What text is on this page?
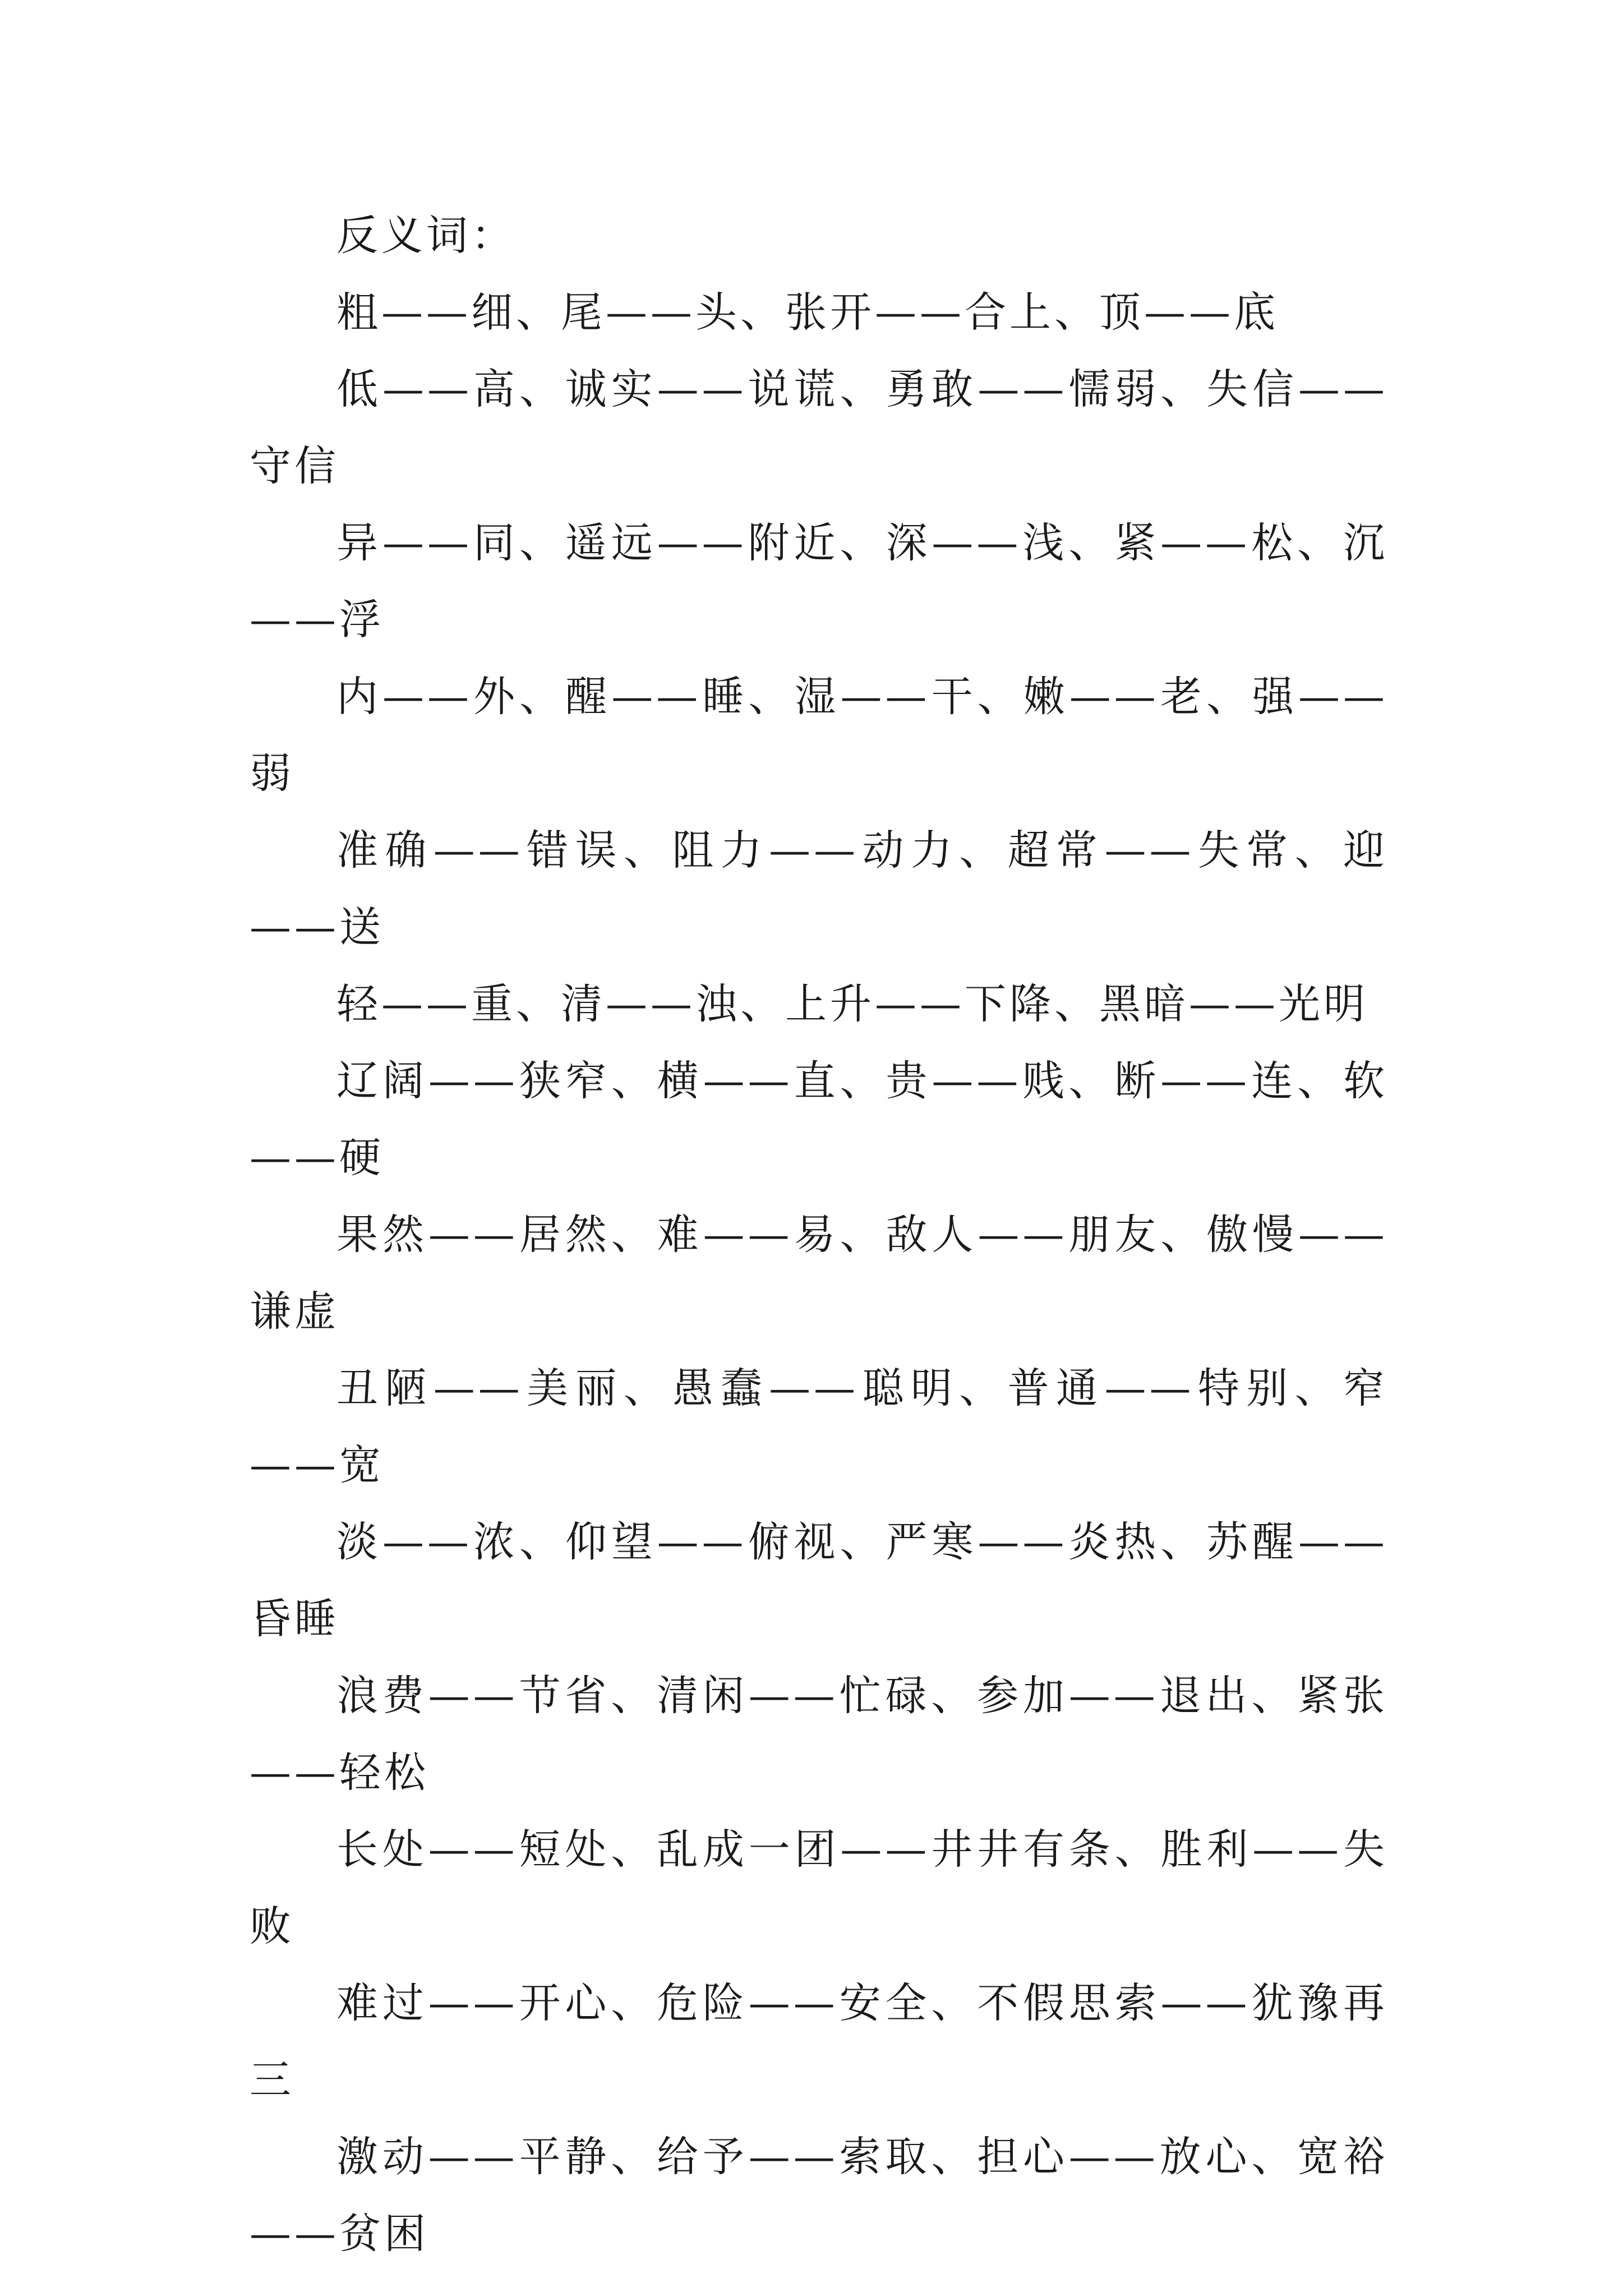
反义词：

粗——细、尾——头、张开——合上、顶——底

低——高、诚实——说谎、勇敢——懦弱、失信——守信

异——同、遥远——附近、深——浅、紧——松、沉——浮

内——外、醒——睡、湿——干、嫩——老、强——弱

准确——错误、阻力——动力、超常——失常、迎——送

轻——重、清——浊、上升——下降、黑暗——光明

辽阔——狭窄、横——直、贵——贱、断——连、软——硬

果然——居然、难——易、敌人——朋友、傲慢——谦虚

丑陋——美丽、愚蠢——聪明、普通——特别、窄——宽

淡——浓、仰望——俯视、严寒——炎热、苏醒——昏睡

浪费——节省、清闲——忙碌、参加——退出、紧张——轻松

长处——短处、乱成一团——井井有条、胜利——失败

难过——开心、危险——安全、不假思索——犹豫再三

激动——平静、给予——索取、担心——放心、宽裕——贫困
